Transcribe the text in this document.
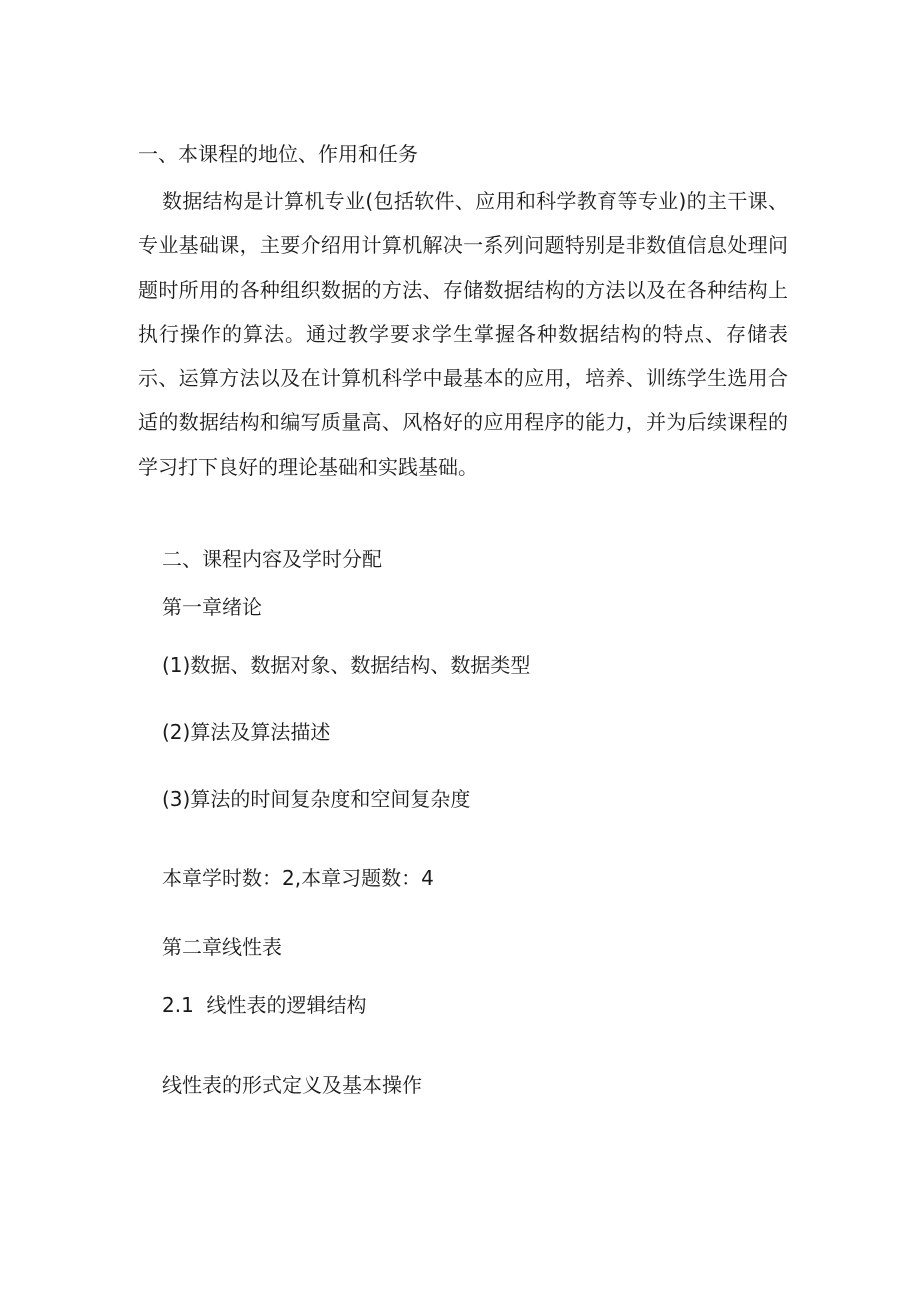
一、本课程的地位、作用和任务

数据结构是计算机专业(包括软件、应用和科学教育等专业)的主干课、专业基础课，主要介绍用计算机解决一系列问题特别是非数值信息处理问题时所用的各种组织数据的方法、存储数据结构的方法以及在各种结构上执行操作的算法。通过教学要求学生掌握各种数据结构的特点、存储表示、运算方法以及在计算机科学中最基本的应用，培养、训练学生选用合适的数据结构和编写质量高、风格好的应用程序的能力，并为后续课程的学习打下良好的理论基础和实践基础。

二、课程内容及学时分配

第一章绪论

(1)数据、数据对象、数据结构、数据类型

(2)算法及算法描述

(3)算法的时间复杂度和空间复杂度

本章学时数：2,本章习题数：4

第二章线性表

2.1  线性表的逻辑结构

线性表的形式定义及基本操作
